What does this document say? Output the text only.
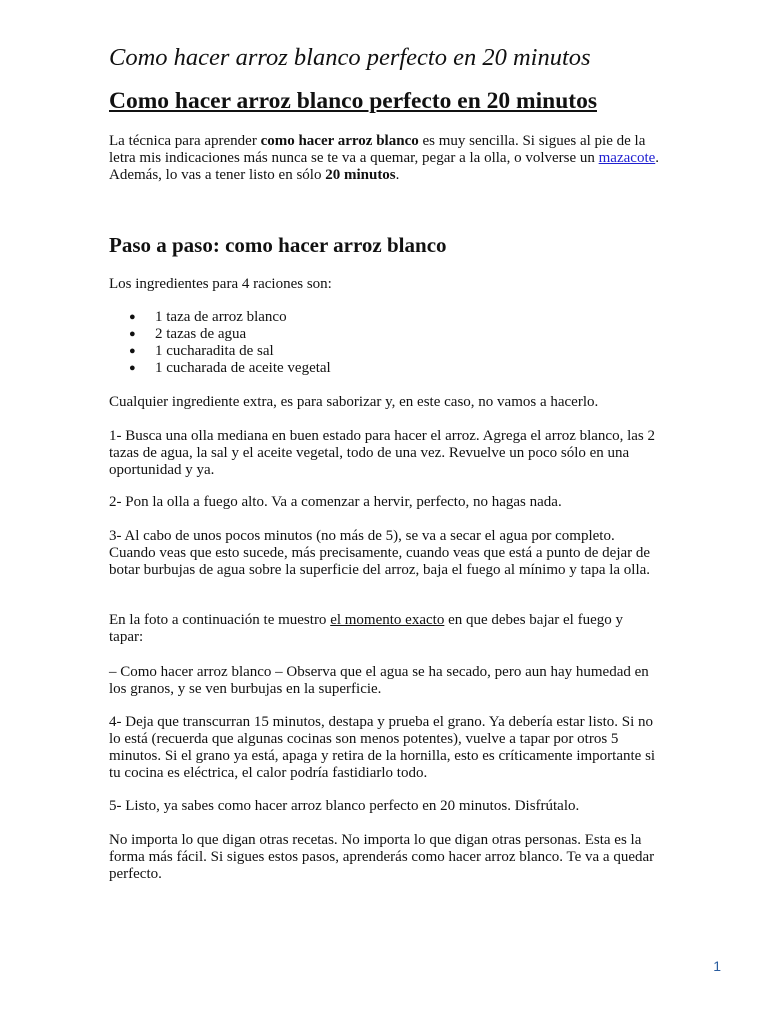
Como hacer arroz blanco perfecto en 20 minutos
Como hacer arroz blanco perfecto en 20 minutos

La técnica para aprender como hacer arroz blanco es muy sencilla. Si sigues al pie de la letra mis indicaciones más nunca se te va a quemar, pegar a la olla, o volverse un mazacote. Además, lo vas a tener listo en sólo 20 minutos.

Paso a paso: como hacer arroz blanco

Los ingredientes para 4 raciones son:

● 1 taza de arroz blanco
● 2 tazas de agua
● 1 cucharadita de sal
● 1 cucharada de aceite vegetal

Cualquier ingrediente extra, es para saborizar y, en este caso, no vamos a hacerlo.

1- Busca una olla mediana en buen estado para hacer el arroz. Agrega el arroz blanco, las 2 tazas de agua, la sal y el aceite vegetal, todo de una vez. Revuelve un poco sólo en una oportunidad y ya.

2- Pon la olla a fuego alto. Va a comenzar a hervir, perfecto, no hagas nada.

3- Al cabo de unos pocos minutos (no más de 5), se va a secar el agua por completo. Cuando veas que esto sucede, más precisamente, cuando veas que está a punto de dejar de botar burbujas de agua sobre la superficie del arroz, baja el fuego al mínimo y tapa la olla.

En la foto a continuación te muestro el momento exacto en que debes bajar el fuego y tapar:

– Como hacer arroz blanco – Observa que el agua se ha secado, pero aun hay humedad en los granos, y se ven burbujas en la superficie.

4- Deja que transcurran 15 minutos, destapa y prueba el grano. Ya debería estar listo. Si no lo está (recuerda que algunas cocinas son menos potentes), vuelve a tapar por otros 5 minutos. Si el grano ya está, apaga y retira de la hornilla, esto es críticamente importante si tu cocina es eléctrica, el calor podría fastidiarlo todo.

5- Listo, ya sabes como hacer arroz blanco perfecto en 20 minutos. Disfrútalo.

No importa lo que digan otras recetas. No importa lo que digan otras personas. Esta es la forma más fácil. Si sigues estos pasos, aprenderás como hacer arroz blanco. Te va a quedar perfecto.

1
